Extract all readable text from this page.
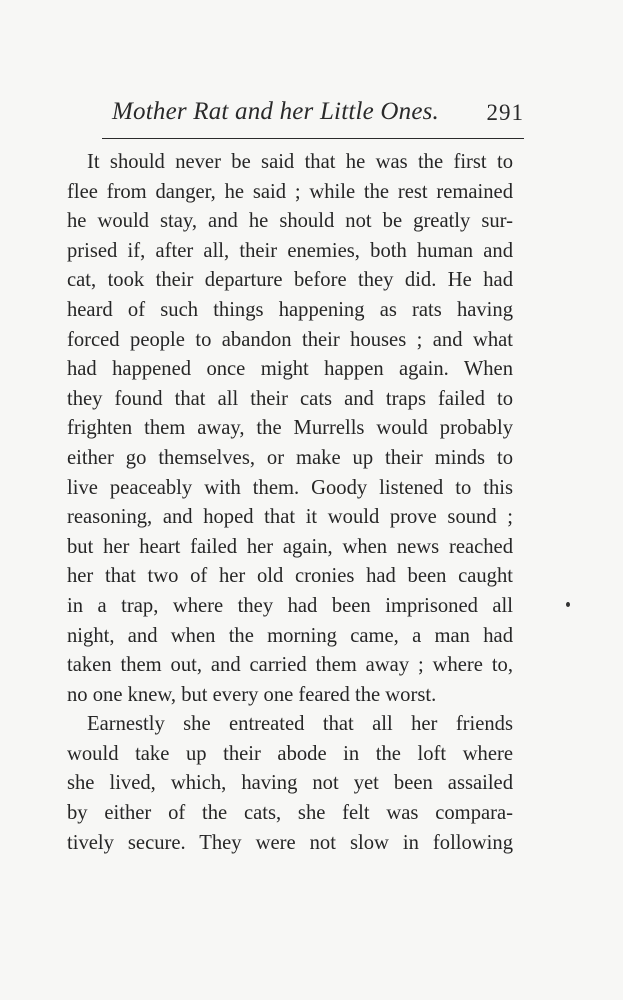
Mother Rat and her Little Ones. 291
It should never be said that he was the first to
flee from danger, he said ; while the rest remained
he would stay, and he should not be greatly sur-
prised if, after all, their enemies, both human and
cat, took their departure before they did. He had
heard of such things happening as rats having
forced people to abandon their houses ; and what
had happened once might happen again. When
they found that all their cats and traps failed to
frighten them away, the Murrells would probably
either go themselves, or make up their minds to
live peaceably with them. Goody listened to this
reasoning, and hoped that it would prove sound ;
but her heart failed her again, when news reached
her that two of her old cronies had been caught
in a trap, where they had been imprisoned all
night, and when the morning came, a man had
taken them out, and carried them away ; where to,
no one knew, but every one feared the worst.
Earnestly she entreated that all her friends
would take up their abode in the loft where
she lived, which, having not yet been assailed
by either of the cats, she felt was compara-
tively secure. They were not slow in following
